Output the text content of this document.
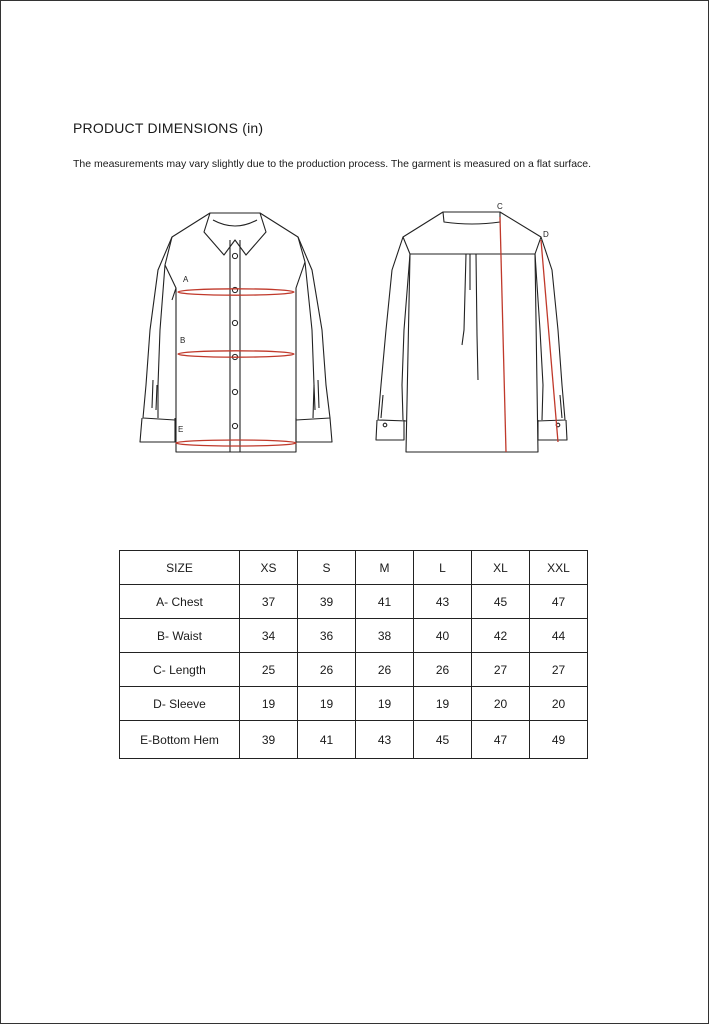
PRODUCT DIMENSIONS (in)
The measurements may vary slightly due to the production process. The garment is measured on a flat surface.
A
B
E
C
D
SIZE	XS	S	M	L	XL	XXL
A- Chest	37	39	41	43	45	47
B- Waist	34	36	38	40	42	44
C- Length	25	26	26	26	27	27
D- Sleeve	19	19	19	19	20	20
E-Bottom Hem	39	41	43	45	47	49
